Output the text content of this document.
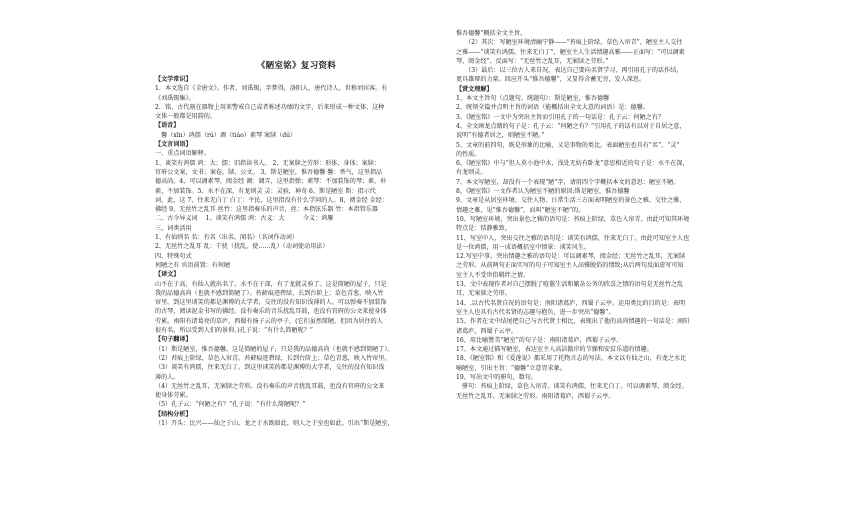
《陋室铭》复习资料
【文学常识】
1．本文选自《全唐文》。作者，刘禹锡，字梦得，洛阳人，唐代诗人。世称刘宾客。有
《刘禹锡集》。
2．铭，古代刻在器物上用来警戒自己或者称述功绩的文字，后来形成一种文体，这种
文体一般都是用韵的。
【语音】
　馨（xīn）鸿儒（rú）调（tiáo）素琴 案牍（dú）
【文言词语】
一、重点词语解释。
1、谈笑有鸿儒 鸿：大；儒：旧指读书人。 2、无案牍之劳形：形体，身体；案牍：
官府公文案，文书；案卷，牍，公文。 3、斯是陋室，惟吾德馨 馨：香气，这里指品
德高尚。4、可以调素琴，阅金经 调：调弄，这里指弹；素琴：不加装饰的琴；素，朴
素，不加装饰。5、水不在深，有龙则灵 灵：灵验，神奇 6、斯是陋室 斯：指示代
词，此，这 7、往来无白丁 白丁：平民，这里指没有什么学问的人。8、阅金经 金经：
佛经 9、无丝竹之乱耳 丝竹：这里指奏乐的声音，丝：本指弦乐器 竹：本指管乐器
二、古今异义词　 1、谈笑有鸿儒 鸿：古义：大　　　今义：鸿雁
三、词类活用
1、有仙则名 名：有名（出名，闻名）（名词作动词）
2、无丝竹之乱耳 乱：干扰（扰乱，使……乱）（动词使动用法）
四、特殊句式
何陋之有 宾语前置：有何陋
【译文】
山不在于高，有仙人就出名了。水不在于深，有了龙就灵验了。这是简陋的屋子，只是
我的品德高尚（也就不感到简陋了）。苔藓痕迹碧绿，长到台阶上；草色青葱，映入竹
帘里。到这里谈笑的都是渊博的大学者，交往的没有知识浅薄的人。可以弹奏不加装饰
的古琴，阅读泥金书写的佛经。没有奏乐的音乐扰乱耳鼓，也没有官府的公文来使身体
劳累。南阳有诸葛亮的草庐，西蜀有扬子云的亭子，(它们虽然简陋，但因为居住的人
很有名，所以受到人们的景仰。)孔子说：“有什么简陋呢？”
【句子翻译】
（1）斯是陋室，惟吾德馨。这是简陋的屋子，只是我的品德高尚（也就不感到简陋了）。
（2）苔痕上阶绿，草色入帘青。苔藓痕迹碧绿，长到台阶上；草色青葱，映入竹帘里。
（3）谈笑有鸿儒，往来无白丁。到这里谈笑的都是渊博的大学者，交往的没有知识浅
薄的人。
（4）无丝竹之乱耳，无案牍之劳形。没有奏乐的声音扰乱耳鼓，也没有官府的公文来
使身体劳累。
（5）孔子云：“何陋之有？”孔子说：“有什么简陋呢？”
【结构分析】
（1）开头：比兴——仙之于山、龙之于水既如此，则人之于室也如此。引出“斯是陋室，
惟吾德馨”概括全文主旨。
　　（2）其次：写陋室环境清幽宁静——“苔痕上阶绿，草色入帘青”，陋室主人交往
之雅——“谈笑有鸿儒，往来无白丁”，陋室主人生活情趣高雅——正面写：“可以调素
琴，阅金经”。反面写：“无丝竹之乱耳，无案牍之劳形。”
　　（3）最后：以三位古人来自况，表达自己要向名贤学习，再引用孔子的话作结，
更具雄辩的力量。回应开头“惟吾德馨”，又显得含蓄无穷，发人深思。
【赏文理解】
1、本文主旨句（点题句、统题句）：斯是陋室，惟吾德馨
2、统领全篇并点明主旨的词语（能概括出全文大意的词语）是：德馨。
3、《陋室铭》一文中为突出主旨而引用孔子的一句话是：孔子云：何陋之有？
4、全文画龙点睛的句子是：孔子云：“何陋之有？”引用孔子的话有以对于自居之意，
说明“有德者居之，则陋室不陋。”
5、文章的前四句，既是形象的比喻，又是事物的类比，表面陋室也具有“名”、“灵”
的性质。
6、《陋室铭》中与“但人莫小池中水，浅处无妨有卧龙”意思相近的句子是：水不在深，
有龙则灵。
7、本文写陋室，却没有一个表现“陋”字，请用四个字概括本文的意思：陋室不陋。
8、《陋室铭》一文作者认为陋室不陋的原因:斯是陋室，惟吾德馨
9、文章是从居室环境、交往人物、日常生活三方面表明陋室的景色之雅、交往之雅、
情趣之雅，见“惟吾德馨”，而叫“陋室不陋”的。
10、写陋室环境，突出景色之雅的语句是：苔痕上阶绿，草色入帘青。由此可知其环境
特点是：恬静雅致。
11、写室中人，突出交往之雅的语句是：谈笑有鸿儒，往来无白丁。由此可知室主人也
是一位鸿儒，用一成语概括室中情景：谈笑风生。
12.写室中事，突出情趣之雅的语句是：可以调素琴，阅金经；无丝竹之乱耳，无案牍
之劳形。从前两句正面实写的句子可知室主人高雅脱俗的情致;从后两句反面虚写可知
室主人不受世俗羁绊之情。
13、文中表现作者对自己摆脱了喧嚣生活和繁杂公务的欣喜之情的语句是无丝竹之乱
耳，无案牍之劳形。
14、.以古代名贤自况的语句是：南阳诸葛庐，西蜀子云亭。运用类比的目的是：表明
室主人也具有古代名贤的志趣与抱负，进一步突出“德馨”。
15、作者在文中结尾把自己与古代贤士相比，表现出了他的高尚情趣的一句话是：南阳
诸葛庐，西蜀子云亭。
16、用比喻赞美“陋室”的句子是：南阳诸葛庐，西蜀子云亭。
17、本文通过描写陋室，表达室主人高洁傲岸的节操和安贫乐道的情趣。
18、《陋室铭》和《爱莲说》都采用了托物言志的写法。本文以有仙之山，有龙之水比
喻陋室，引出主旨：“德馨”立意胃求象。
19、写出文中的骈句，数句。
　骈句：苔痕上阶绿，草色入帘青。谈笑有鸿儒，往来无白丁。可以调素琴，阅金经。
无丝竹之乱耳，无案牍之劳形。南阳诸葛庐，西蜀子云亭。
